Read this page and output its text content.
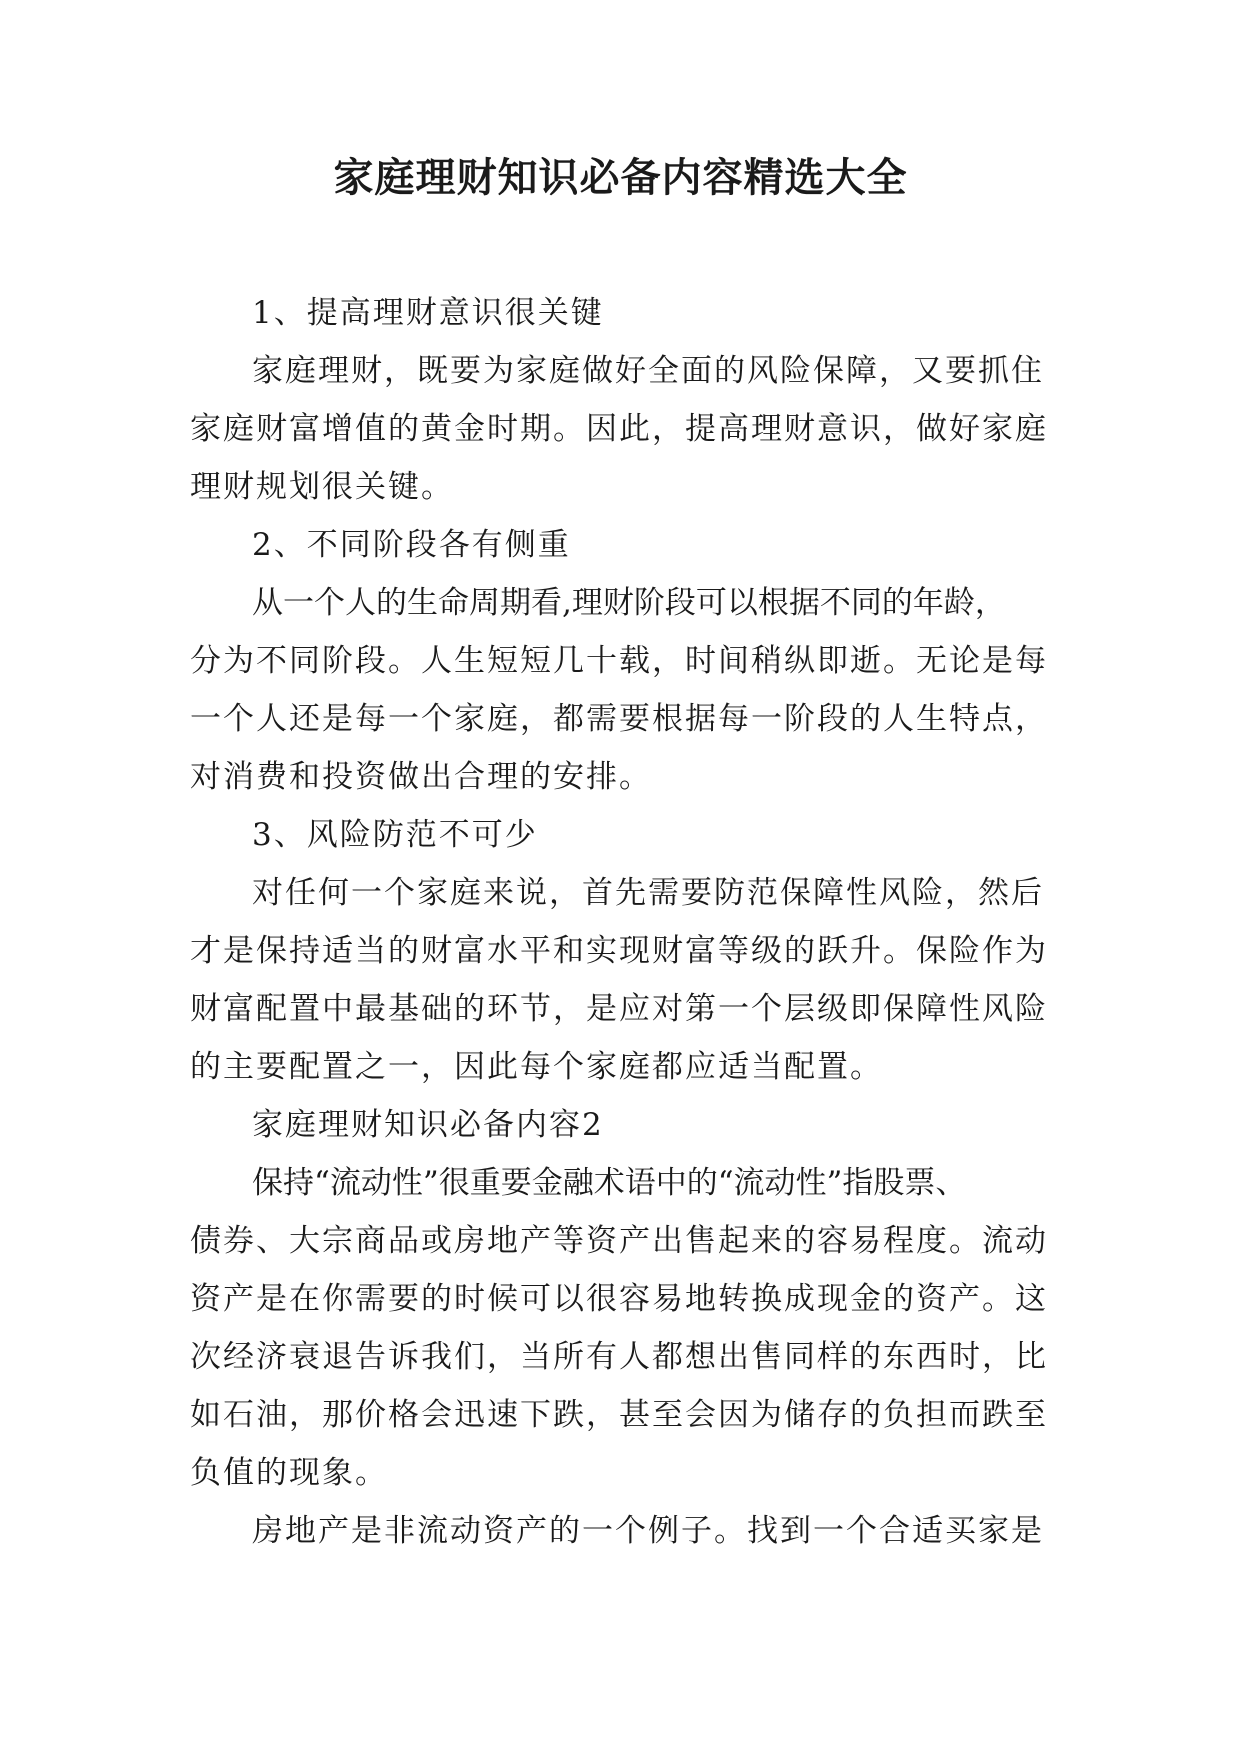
家庭理财知识必备内容精选大全
1、提高理财意识很关键
家庭理财，既要为家庭做好全面的风险保障，又要抓住
家庭财富增值的黄金时期。因此，提高理财意识，做好家庭
理财规划很关键。
2、不同阶段各有侧重
从一个人的生命周期看,理财阶段可以根据不同的年龄，
分为不同阶段。人生短短几十载，时间稍纵即逝。无论是每
一个人还是每一个家庭，都需要根据每一阶段的人生特点，
对消费和投资做出合理的安排。
3、风险防范不可少
对任何一个家庭来说，首先需要防范保障性风险，然后
才是保持适当的财富水平和实现财富等级的跃升。保险作为
财富配置中最基础的环节，是应对第一个层级即保障性风险
的主要配置之一，因此每个家庭都应适当配置。
家庭理财知识必备内容2
保持“流动性”很重要金融术语中的“流动性”指股票、
债券、大宗商品或房地产等资产出售起来的容易程度。流动
资产是在你需要的时候可以很容易地转换成现金的资产。这
次经济衰退告诉我们，当所有人都想出售同样的东西时，比
如石油，那价格会迅速下跌，甚至会因为储存的负担而跌至
负值的现象。
房地产是非流动资产的一个例子。找到一个合适买家是
